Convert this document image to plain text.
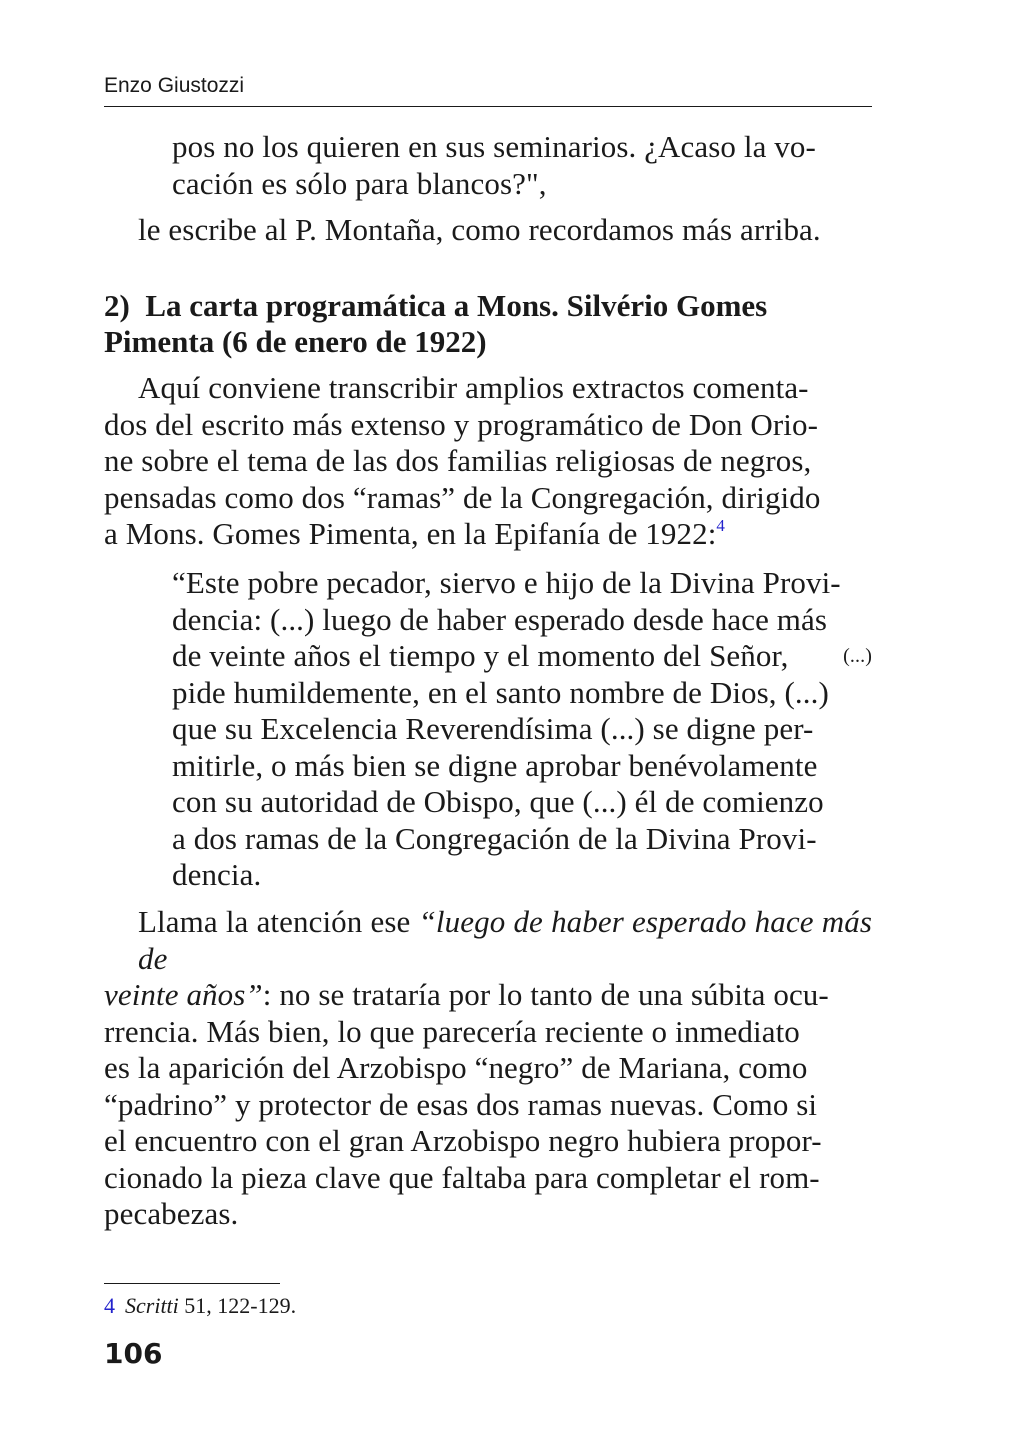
Enzo Giustozzi

pos no los quieren en sus seminarios. ¿Acaso la vo-

cación es sólo para blancos?",

le escribe al P. Montaña, como recordamos más arriba.

2)  La carta programática a Mons. Silvério Gomes

Pimenta (6 de enero de 1922)

Aquí conviene transcribir amplios extractos comenta-

dos del escrito más extenso y programático de Don Orio-

ne sobre el tema de las dos familias religiosas de negros,

pensadas como dos “ramas” de la Congregación, dirigido

a Mons. Gomes Pimenta, en la Epifanía de 1922:$^4$

“Este pobre pecador, siervo e hijo de la Divina Provi-

dencia: (...) luego de haber esperado desde hace más

de veinte años el tiempo y el momento del Señor,	(...)

pide humildemente, en el santo nombre de Dios, (...)

que su Excelencia Reverendísima (...) se digne per-

mitirle, o más bien se digne aprobar benévolamente

con su autoridad de Obispo, que (...) él de comienzo

a dos ramas de la Congregación de la Divina Provi-

dencia.

Llama la atención ese “luego de haber esperado hace más de

veinte años”: no se trataría por lo tanto de una súbita ocu-

rrencia. Más bien, lo que parecería reciente o inmediato

es la aparición del Arzobispo “negro” de Mariana, como

“padrino” y protector de esas dos ramas nuevas. Como si

el encuentro con el gran Arzobispo negro hubiera propor-

cionado la pieza clave que faltaba para completar el rom-

pecabezas.

4 Scritti 51, 122-129.
106
